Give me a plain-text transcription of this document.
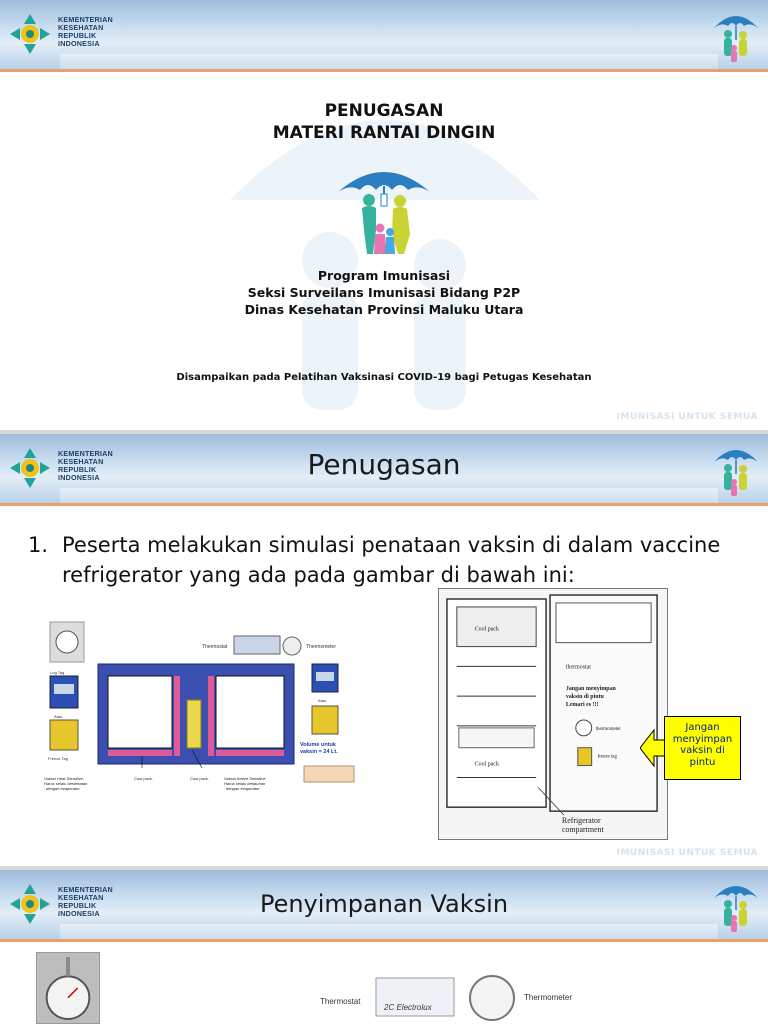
KEMENTERIAN
KESEHATAN
REPUBLIK
INDONESIA
PENUGASAN
MATERI RANTAI DINGIN
Program Imunisasi
Seksi Surveilans Imunisasi Bidang P2P
Dinas Kesehatan Provinsi Maluku Utara
Disampaikan pada Pelatihan Vaksinasi COVID-19 bagi Petugas Kesehatan
IMUNISASI UNTUK SEMUA
KEMENTERIAN
KESEHATAN
REPUBLIK
INDONESIA	Penugasan
1. Peserta melakukan simulasi penataan vaksin di dalam vaccine
refrigerator yang ada pada gambar di bawah ini:
Log Tag
Atau,
Freeze Tag
Thermostat	Thermometer
Atau,
Volume untuk
vaksin = 24 Lt.
Vaksin Heat Sensitive.
Harus selalu berdekatan
dengan evaporator.
Cool pack.	Cool pack.	Vaksin freeze Sensitive.
Harus selalu berjauhan
dengan evaporator.
Cool pack
Cool pack
thermostat
Jangan menyimpan
vaksin di pintu
Lemari es !!!
thermometer
freeze tag
Refrigerator
compartment
Jangan
menyimpan
vaksin di
pintu
IMUNISASI UNTUK SEMUA
KEMENTERIAN
KESEHATAN
REPUBLIK
INDONESIA	Penyimpanan Vaksin
Thermostat
2C Electrolux
Thermometer
